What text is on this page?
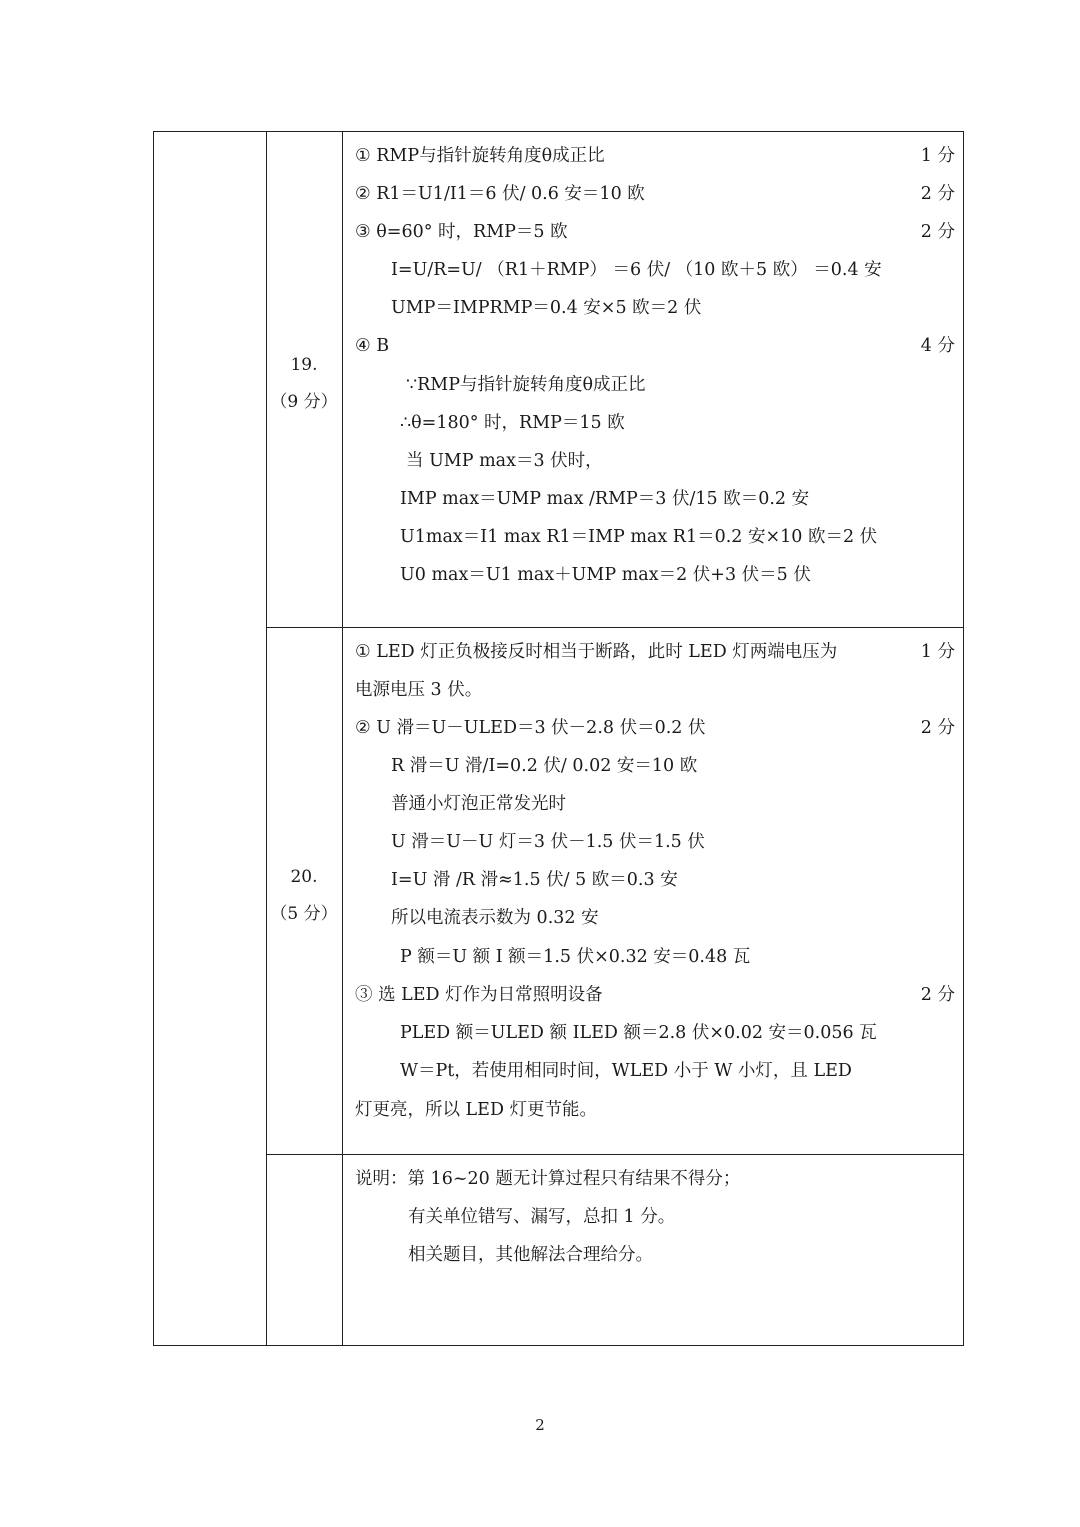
19.
（9 分）
① RMP与指针旋转角度θ成正比
② R1＝U1/I1＝6 伏/ 0.6 安＝10 欧
③ θ=60° 时，RMP＝5 欧
I=U/R=U/ （R1＋RMP） ＝6 伏/ （10 欧＋5 欧） ＝0.4 安
UMP＝IMPRMP＝0.4 安×5 欧＝2 伏
④ B
∵RMP与指针旋转角度θ成正比
∴θ=180° 时，RMP＝15 欧
当 UMP max＝3 伏时，
IMP max＝UMP max /RMP＝3 伏/15 欧＝0.2 安
U1max＝I1 max R1＝IMP max R1＝0.2 安×10 欧＝2 伏
U0 max＝U1 max＋UMP max＝2 伏+3 伏＝5 伏
1 分
2 分
2 分
4 分
20.
（5 分）
① LED 灯正负极接反时相当于断路，此时 LED 灯两端电压为
电源电压 3 伏。
② U 滑＝U－ULED＝3 伏－2.8 伏＝0.2 伏
R 滑＝U 滑/I=0.2 伏/ 0.02 安＝10 欧
普通小灯泡正常发光时
U 滑＝U－U 灯＝3 伏－1.5 伏＝1.5 伏
I=U 滑 /R 滑≈1.5 伏/ 5 欧＝0.3 安
所以电流表示数为 0.32 安
P 额＝U 额 I 额＝1.5 伏×0.32 安＝0.48 瓦
③ 选 LED 灯作为日常照明设备
PLED 额＝ULED 额 ILED 额＝2.8 伏×0.02 安＝0.056 瓦
W＝Pt，若使用相同时间，WLED 小于 W 小灯，且 LED
灯更亮，所以 LED 灯更节能。
1 分
2 分
2 分
说明：第 16~20 题无计算过程只有结果不得分；
有关单位错写、漏写，总扣 1 分。
相关题目，其他解法合理给分。
2
